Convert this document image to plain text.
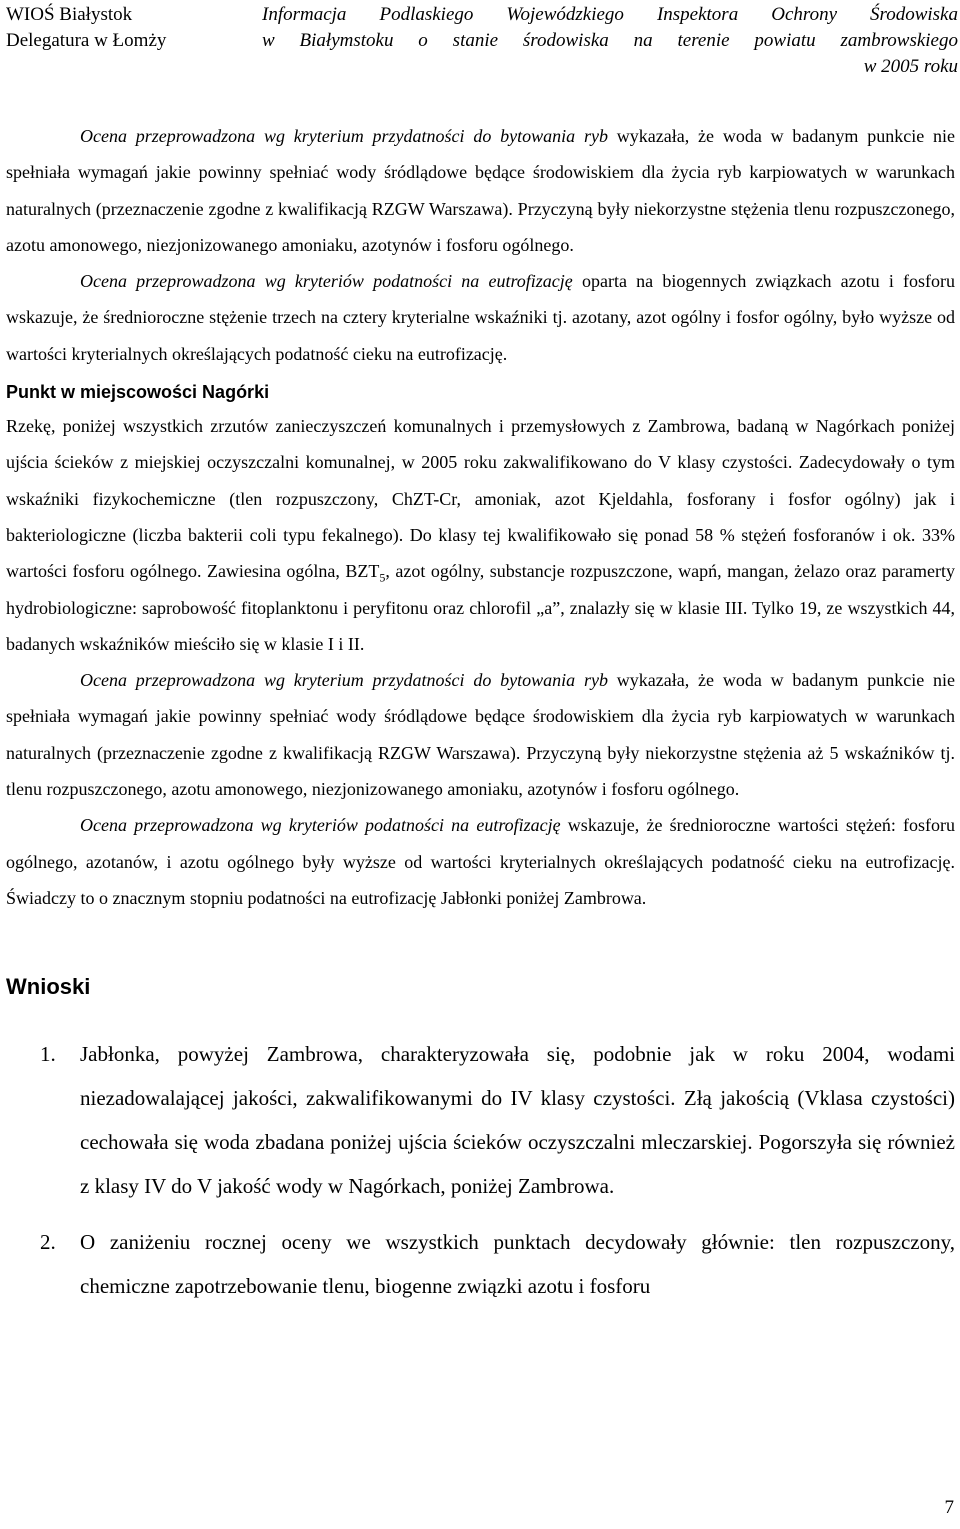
WIOŚ Białystok
Delegatura w Łomży
Informacja Podlaskiego Wojewódzkiego Inspektora Ochrony Środowiska
w Białymstoku o stanie środowiska na terenie powiatu zambrowskiego
w 2005 roku

Ocena przeprowadzona wg kryterium przydatności do bytowania ryb wykazała, że woda w badanym punkcie nie spełniała wymagań jakie powinny spełniać wody śródlądowe będące środowiskiem dla życia ryb karpiowatych w warunkach naturalnych (przeznaczenie zgodne z kwalifikacją RZGW Warszawa). Przyczyną były niekorzystne stężenia tlenu rozpuszczonego, azotu amonowego, niezjonizowanego amoniaku, azotynów i fosforu ogólnego.

Ocena przeprowadzona wg kryteriów podatności na eutrofizację oparta na biogennych związkach azotu i fosforu wskazuje, że średnioroczne stężenie trzech na cztery kryterialne wskaźniki tj. azotany, azot ogólny i fosfor ogólny, było wyższe od wartości kryterialnych określających podatność cieku na eutrofizację.

Punkt w miejscowości Nagórki

Rzekę, poniżej wszystkich zrzutów zanieczyszczeń komunalnych i przemysłowych z Zambrowa, badaną w Nagórkach poniżej ujścia ścieków z miejskiej oczyszczalni komunalnej, w 2005 roku zakwalifikowano do V klasy czystości. Zadecydowały o tym wskaźniki fizykochemiczne (tlen rozpuszczony, ChZT-Cr, amoniak, azot Kjeldahla, fosforany i fosfor ogólny) jak i bakteriologiczne (liczba bakterii coli typu fekalnego). Do klasy tej kwalifikowało się ponad 58 % stężeń fosforanów i ok. 33% wartości fosforu ogólnego. Zawiesina ogólna, $BZT_5$, azot ogólny, substancje rozpuszczone, wapń, mangan, żelazo oraz paramerty hydrobiologiczne: saprobowość fitoplanktonu i peryfitonu oraz chlorofil „a”, znalazły się w klasie III. Tylko 19, ze wszystkich 44, badanych wskaźników mieściło się w klasie I i II.

Ocena przeprowadzona wg kryterium przydatności do bytowania ryb wykazała, że woda w badanym punkcie nie spełniała wymagań jakie powinny spełniać wody śródlądowe będące środowiskiem dla życia ryb karpiowatych w warunkach naturalnych (przeznaczenie zgodne z kwalifikacją RZGW Warszawa). Przyczyną były niekorzystne stężenia aż 5 wskaźników tj. tlenu rozpuszczonego, azotu amonowego, niezjonizowanego amoniaku, azotynów i fosforu ogólnego.

Ocena przeprowadzona wg kryteriów podatności na eutrofizację wskazuje, że średnioroczne wartości stężeń: fosforu ogólnego, azotanów, i azotu ogólnego były wyższe od wartości kryterialnych określających podatność cieku na eutrofizację. Świadczy to o znacznym stopniu podatności na eutrofizację Jabłonki poniżej Zambrowa.

Wnioski
1. Jabłonka, powyżej Zambrowa, charakteryzowała się, podobnie jak w roku 2004, wodami niezadowalającej jakości, zakwalifikowanymi do IV klasy czystości. Złą jakością (Vklasa czystości) cechowała się woda zbadana poniżej ujścia ścieków oczyszczalni mleczarskiej. Pogorszyła się również z klasy IV do V jakość wody w Nagórkach, poniżej Zambrowa.
2. O zaniżeniu rocznej oceny we wszystkich punktach decydowały głównie: tlen rozpuszczony, chemiczne zapotrzebowanie tlenu, biogenne związki azotu i fosforu
7
